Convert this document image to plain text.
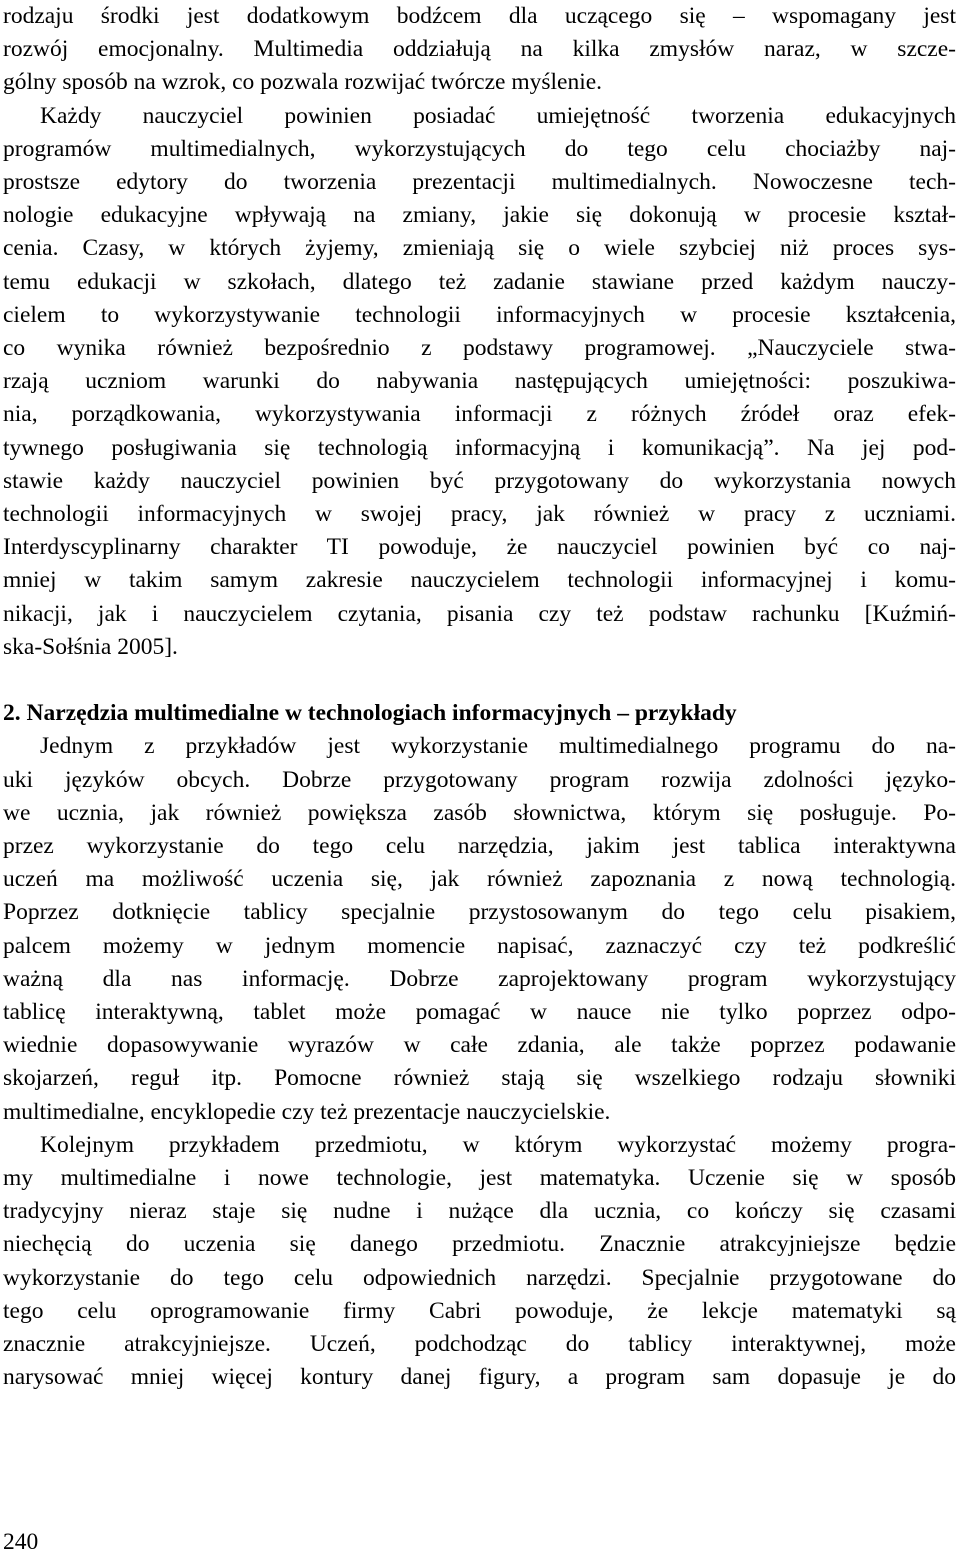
rodzaju środki jest dodatkowym bodźcem dla uczącego się – wspomagany jest
rozwój emocjonalny. Multimedia oddziałują na kilka zmysłów naraz, w szcze-
gólny sposób na wzrok, co pozwala rozwijać twórcze myślenie.
Każdy nauczyciel powinien posiadać umiejętność tworzenia edukacyjnych
programów multimedialnych, wykorzystujących do tego celu chociażby naj-
prostsze edytory do tworzenia prezentacji multimedialnych. Nowoczesne tech-
nologie edukacyjne wpływają na zmiany, jakie się dokonują w procesie kształ-
cenia. Czasy, w których żyjemy, zmieniają się o wiele szybciej niż proces sys-
temu edukacji w szkołach, dlatego też zadanie stawiane przed każdym nauczy-
cielem to wykorzystywanie technologii informacyjnych w procesie kształcenia,
co wynika również bezpośrednio z podstawy programowej. „Nauczyciele stwa-
rzają uczniom warunki do nabywania następujących umiejętności: poszukiwa-
nia, porządkowania, wykorzystywania informacji z różnych źródeł oraz efek-
tywnego posługiwania się technologią informacyjną i komunikacją”. Na jej pod-
stawie każdy nauczyciel powinien być przygotowany do wykorzystania nowych
technologii informacyjnych w swojej pracy, jak również w pracy z uczniami.
Interdyscyplinarny charakter TI powoduje, że nauczyciel powinien być co naj-
mniej w takim samym zakresie nauczycielem technologii informacyjnej i komu-
nikacji, jak i nauczycielem czytania, pisania czy też podstaw rachunku [Kuźmiń-
ska-Sołśnia 2005].
2. Narzędzia multimedialne w technologiach informacyjnych – przykłady
Jednym z przykładów jest wykorzystanie multimedialnego programu do na-
uki języków obcych. Dobrze przygotowany program rozwija zdolności języko-
we ucznia, jak również powiększa zasób słownictwa, którym się posługuje. Po-
przez wykorzystanie do tego celu narzędzia, jakim jest tablica interaktywna
uczeń ma możliwość uczenia się, jak również zapoznania z nową technologią.
Poprzez dotknięcie tablicy specjalnie przystosowanym do tego celu pisakiem,
palcem możemy w jednym momencie napisać, zaznaczyć czy też podkreślić
ważną dla nas informację. Dobrze zaprojektowany program wykorzystujący
tablicę interaktywną, tablet może pomagać w nauce nie tylko poprzez odpo-
wiednie dopasowywanie wyrazów w całe zdania, ale także poprzez podawanie
skojarzeń, reguł itp. Pomocne również stają się wszelkiego rodzaju słowniki
multimedialne, encyklopedie czy też prezentacje nauczycielskie.
Kolejnym przykładem przedmiotu, w którym wykorzystać możemy progra-
my multimedialne i nowe technologie, jest matematyka. Uczenie się w sposób
tradycyjny nieraz staje się nudne i nużące dla ucznia, co kończy się czasami
niechęcią do uczenia się danego przedmiotu. Znacznie atrakcyjniejsze będzie
wykorzystanie do tego celu odpowiednich narzędzi. Specjalnie przygotowane do
tego celu oprogramowanie firmy Cabri powoduje, że lekcje matematyki są
znacznie atrakcyjniejsze. Uczeń, podchodząc do tablicy interaktywnej, może
narysować mniej więcej kontury danej figury, a program sam dopasuje je do
240
